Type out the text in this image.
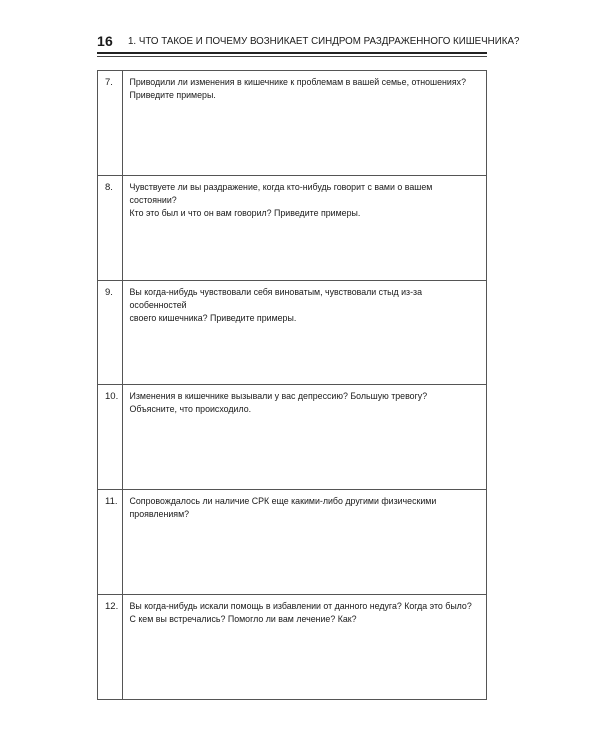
16 1. ЧТО ТАКОЕ И ПОЧЕМУ ВОЗНИКАЕТ СИНДРОМ РАЗДРАЖЕННОГО КИШЕЧНИКА?
7.	Приводили ли изменения в кишечнике к проблемам в вашей семье, отношениях?
Приведите примеры.

8.	Чувствуете ли вы раздражение, когда кто-нибудь говорит с вами о вашем состоянии?
Кто это был и что он вам говорил? Приведите примеры.

9.	Вы когда-нибудь чувствовали себя виноватым, чувствовали стыд из-за особенностей
своего кишечника? Приведите примеры.

10.	Изменения в кишечнике вызывали у вас депрессию? Большую тревогу?
Объясните, что происходило.

11.	Сопровождалось ли наличие СРК еще какими-либо другими физическими
проявлениям?

12.	Вы когда-нибудь искали помощь в избавлении от данного недуга? Когда это было?
С кем вы встречались? Помогло ли вам лечение? Как?
